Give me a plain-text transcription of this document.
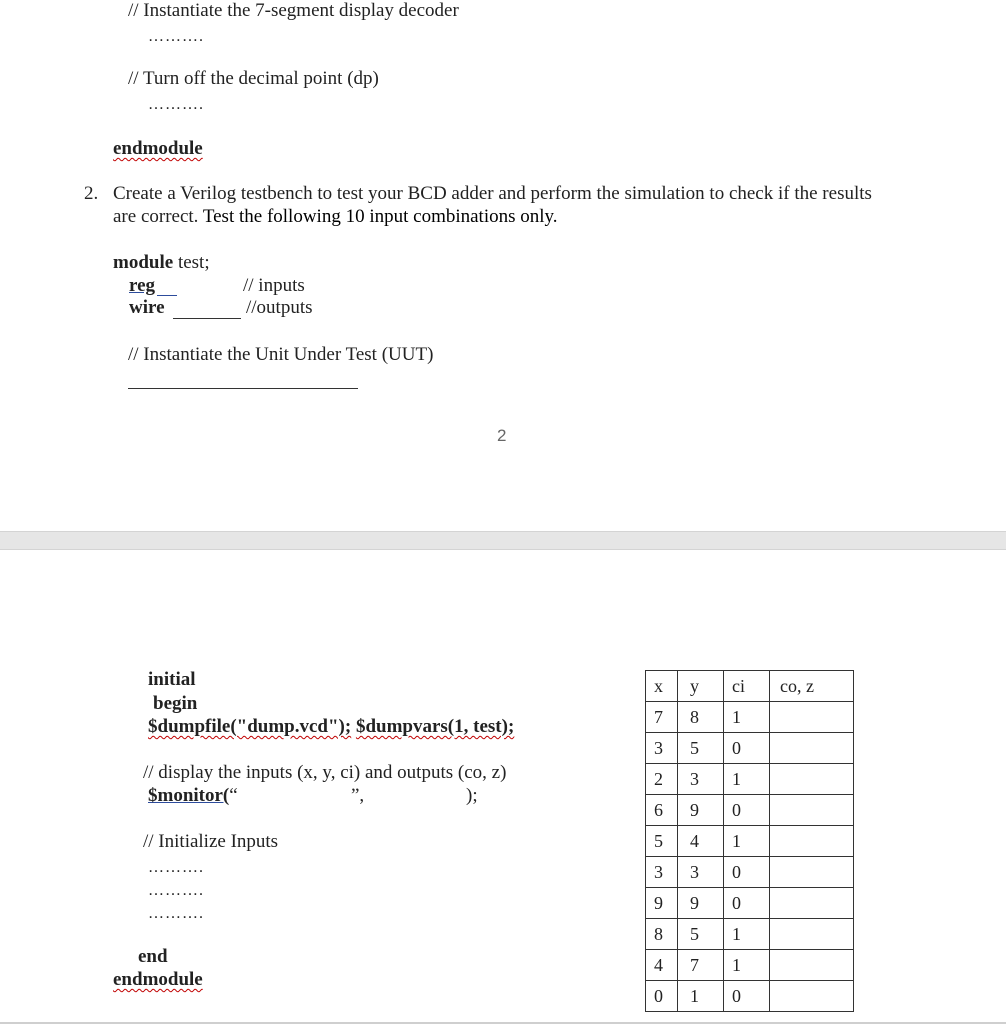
// Instantiate the 7-segment display decoder
……….
// Turn off the decimal point (dp)
……….
endmodule
2. Create a Verilog testbench to test your BCD adder and perform the simulation to check if the results
are correct. Test the following 10 input combinations only.
module test;
reg	// inputs
wire	//outputs
// Instantiate the Unit Under Test (UUT)
2
initial
begin
$dumpfile("dump.vcd"); $dumpvars(1, test);
// display the inputs (x, y, ci) and outputs (co, z)
$monitor(“	”,	);
// Initialize Inputs
……….
……….
……….
end
endmodule
x	y	ci	co, z
7	8	1	
3	5	0	
2	3	1	
6	9	0	
5	4	1	
3	3	0	
9	9	0	
8	5	1	
4	7	1	
0	1	0	
